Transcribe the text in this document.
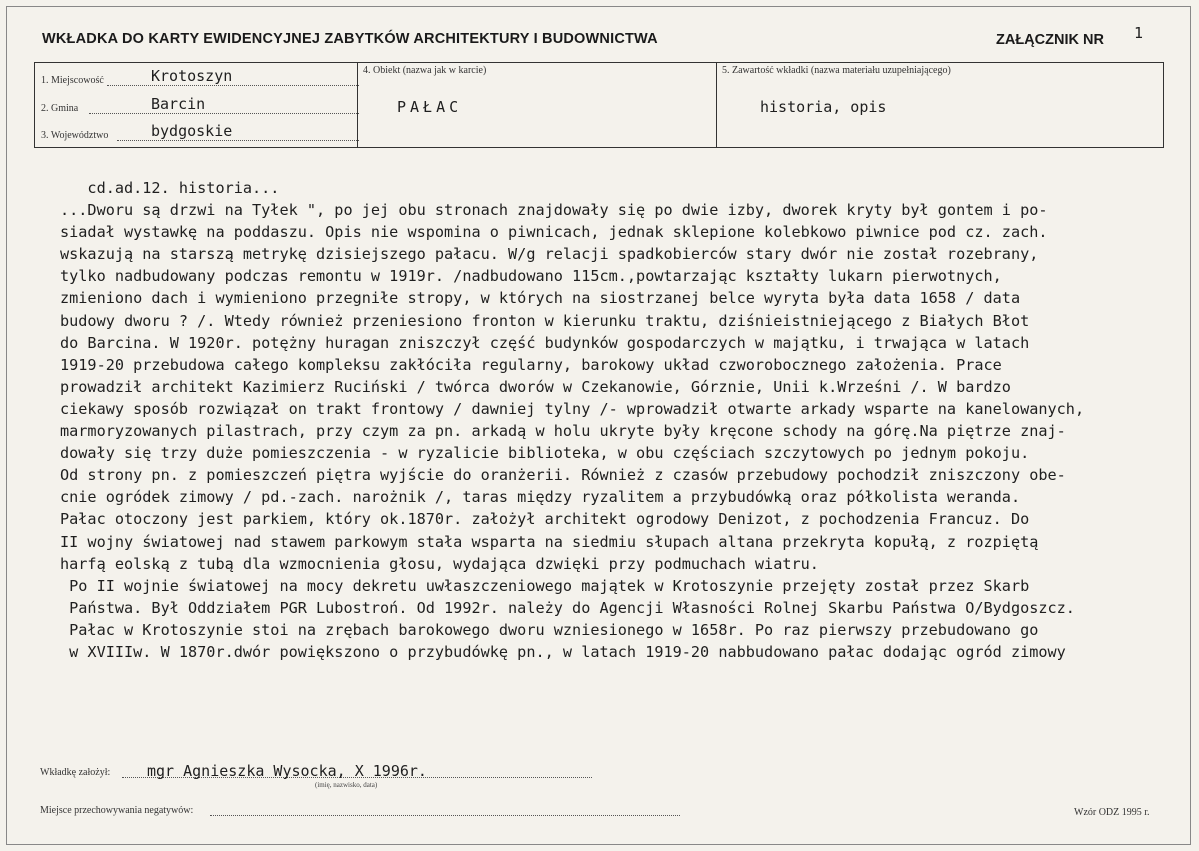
WKŁADKA DO KARTY EWIDENCYJNEJ ZABYTKÓW ARCHITEKTURY I BUDOWNICTWA	ZAŁĄCZNIK NR 1
1. Miejscowość	Krotoszyn
2. Gmina	Barcin
3. Województwo	bydgoskie
4. Obiekt (nazwa jak w karcie)	5. Zawartość wkładki (nazwa materiału uzupełniającego)
PAŁAC	historia, opis
cd.ad.12. historia...
...Dworu są drzwi na Tyłek ", po jej obu stronach znajdowały się po dwie izby, dworek kryty był gontem i po-
siadał wystawkę na poddaszu. Opis nie wspomina o piwnicach, jednak sklepione kolebkowo piwnice pod cz. zach.
wskazują na starszą metrykę dzisiejszego pałacu. W/g relacji spadkobierców stary dwór nie został rozebrany,
tylko nadbudowany podczas remontu w 1919r. /nadbudowano 115cm.,powtarzając kształty lukarn pierwotnych,
zmieniono dach i wymieniono przegniłe stropy, w których na siostrzanej belce wyryta była data 1658 / data
budowy dworu ? /. Wtedy również przeniesiono fronton w kierunku traktu, dziśnieistniejącego z Białych Błot
do Barcina. W 1920r. potężny huragan zniszczył część budynków gospodarczych w majątku, i trwająca w latach
1919-20 przebudowa całego kompleksu zakłóciła regularny, barokowy układ czworobocznego założenia. Prace
prowadził architekt Kazimierz Ruciński / twórca dworów w Czekanowie, Górznie, Unii k.Wrześni /. W bardzo
ciekawy sposób rozwiązał on trakt frontowy / dawniej tylny /- wprowadził otwarte arkady wsparte na kanelowanych,
marmoryzowanych pilastrach, przy czym za pn. arkadą w holu ukryte były kręcone schody na górę.Na piętrze znaj-
dowały się trzy duże pomieszczenia - w ryzalicie biblioteka, w obu częściach szczytowych po jednym pokoju.
Od strony pn. z pomieszczeń piętra wyjście do oranżerii. Również z czasów przebudowy pochodził zniszczony obe-
cnie ogródek zimowy / pd.-zach. narożnik /, taras między ryzalitem a przybudówką oraz półkolista weranda.
Pałac otoczony jest parkiem, który ok.1870r. założył architekt ogrodowy Denizot, z pochodzenia Francuz. Do
II wojny światowej nad stawem parkowym stała wsparta na siedmiu słupach altana przekryta kopułą, z rozpiętą
harfą eolską z tubą dla wzmocnienia głosu, wydająca dzwięki przy podmuchach wiatru.
Po II wojnie światowej na mocy dekretu uwłaszczeniowego majątek w Krotoszynie przejęty został przez Skarb
Państwa. Był Oddziałem PGR Lubostroń. Od 1992r. należy do Agencji Własności Rolnej Skarbu Państwa O/Bydgoszcz.
Pałac w Krotoszynie stoi na zrębach barokowego dworu wzniesionego w 1658r. Po raz pierwszy przebudowano go
w XVIIIw. W 1870r.dwór powiększono o przybudówkę pn., w latach 1919-20 nabbudowano pałac dodając ogród zimowy
Wkładkę założył: mgr Agnieszka Wysocka, X 1996r.
(imię, nazwisko, data)
Miejsce przechowywania negatywów:	Wzór ODZ 1995 r.
